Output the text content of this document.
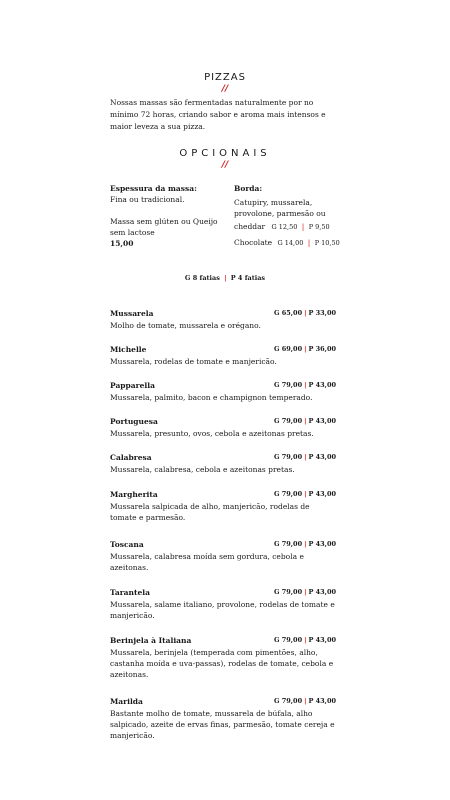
PIZZAS
//
Nossas massas são fermentadas naturalmente por no mínimo 72 horas, criando sabor e aroma mais intensos e maior leveza a sua pizza.
OPCIONAIS
//
Espessura da massa:
Fina ou tradicional.
Massa sem glúten ou Queijo sem lactose
15,00
Borda:
Catupiry, mussarela, provolone, parmesão ou
cheddar G 12,50 | P 9,50
Chocolate G 14,00 | P 10,50
G 8 fatias | P 4 fatias
Mussarela	G 65,00 | P 33,00
Molho de tomate, mussarela e orégano.
Michelle	G 69,00 | P 36,00
Mussarela, rodelas de tomate e manjericão.
Papparella	G 79,00 | P 43,00
Mussarela, palmito, bacon e champignon temperado.
Portuguesa	G 79,00 | P 43,00
Mussarela, presunto, ovos, cebola e azeitonas pretas.
Calabresa	G 79,00 | P 43,00
Mussarela, calabresa, cebola e azeitonas pretas.
Margherita	G 79,00 | P 43,00
Mussarela salpicada de alho, manjericão, rodelas de tomate e parmesão.
Toscana	G 79,00 | P 43,00
Mussarela, calabresa moída sem gordura, cebola e azeitonas.
Tarantela	G 79,00 | P 43,00
Mussarela, salame italiano, provolone, rodelas de tomate e manjericão.
Berinjela à Italiana	G 79,00 | P 43,00
Mussarela, berinjela (temperada com pimentões, alho, castanha moída e uva-passas), rodelas de tomate, cebola e azeitonas.
Marilda	G 79,00 | P 43,00
Bastante molho de tomate, mussarela de búfala, alho salpicado, azeite de ervas finas, parmesão, tomate cereja e manjericão.
